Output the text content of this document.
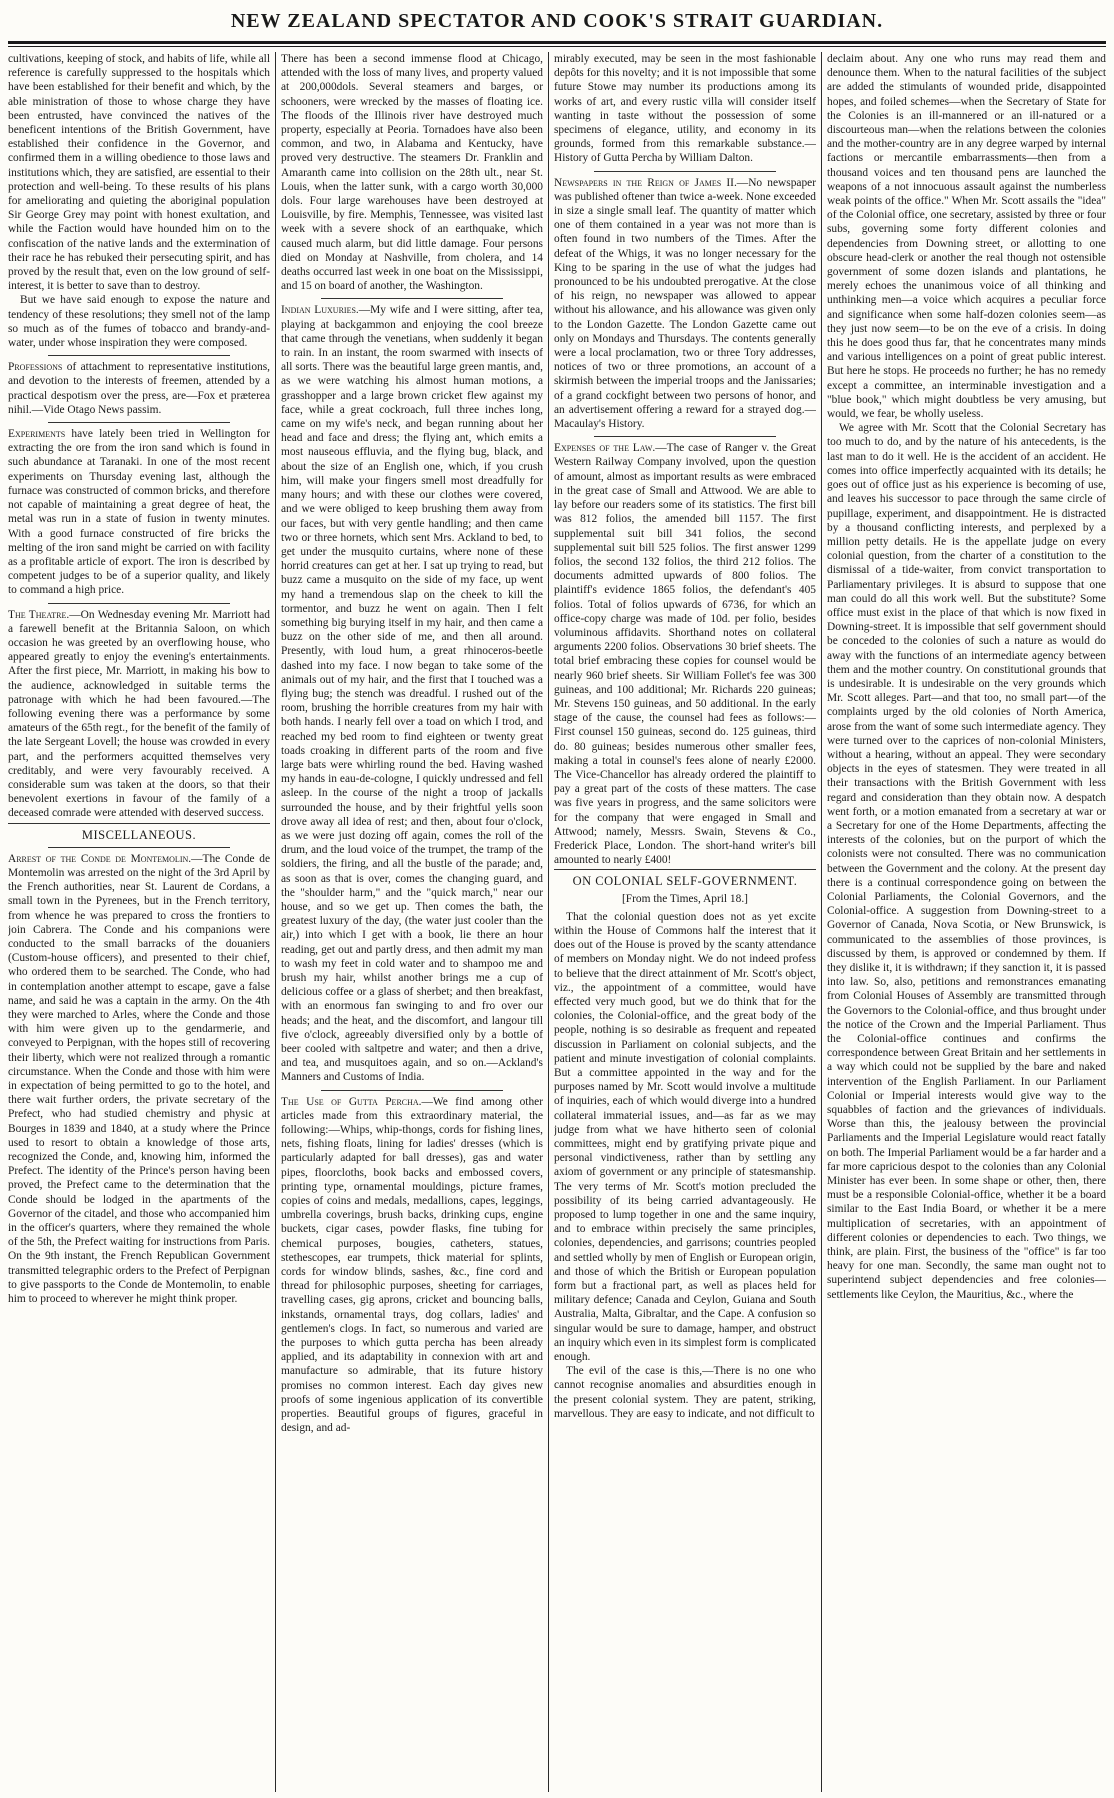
NEW ZEALAND SPECTATOR AND COOK'S STRAIT GUARDIAN.

cultivations, keeping of stock, and habits of life, while all reference is carefully suppressed to the hospitals which have been established for their benefit and which, by the able ministration of those to whose charge they have been entrusted, have convinced the natives of the beneficent intentions of the British Government, have established their confidence in the Governor, and confirmed them in a willing obedience to those laws and institutions which, they are satisfied, are essential to their protection and well-being. To these results of his plans for ameliorating and quieting the aboriginal population Sir George Grey may point with honest exultation, and while the Faction would have hounded him on to the confiscation of the native lands and the extermination of their race he has rebuked their persecuting spirit, and has proved by the result that, even on the low ground of self-interest, it is better to save than to destroy.

But we have said enough to expose the nature and tendency of these resolutions; they smell not of the lamp so much as of the fumes of tobacco and brandy-and-water, under whose inspiration they were composed.

Professions of attachment to representative institutions, and devotion to the interests of freemen, attended by a practical despotism over the press, are—Fox et præterea nihil.—Vide Otago News passim.

Experiments have lately been tried in Wellington for extracting the ore from the iron sand which is found in such abundance at Taranaki. In one of the most recent experiments on Thursday evening last, although the furnace was constructed of common bricks, and therefore not capable of maintaining a great degree of heat, the metal was run in a state of fusion in twenty minutes. With a good furnace constructed of fire bricks the melting of the iron sand might be carried on with facility as a profitable article of export. The iron is described by competent judges to be of a superior quality, and likely to command a high price.

The Theatre.—On Wednesday evening Mr. Marriott had a farewell benefit at the Britannia Saloon, on which occasion he was greeted by an overflowing house, who appeared greatly to enjoy the evening's entertainments. After the first piece, Mr. Marriott, in making his bow to the audience, acknowledged in suitable terms the patronage with which he had been favoured.—The following evening there was a performance by some amateurs of the 65th regt., for the benefit of the family of the late Sergeant Lovell; the house was crowded in every part, and the performers acquitted themselves very creditably, and were very favourably received. A considerable sum was taken at the doors, so that their benevolent exertions in favour of the family of a deceased comrade were attended with deserved success.

MISCELLANEOUS.

Arrest of the Conde de Montemolin.—The Conde de Montemolin was arrested on the night of the 3rd April by the French authorities, near St. Laurent de Cordans, a small town in the Pyrenees, but in the French territory, from whence he was prepared to cross the frontiers to join Cabrera. The Conde and his companions were conducted to the small barracks of the douaniers (Custom-house officers), and presented to their chief, who ordered them to be searched. The Conde, who had in contemplation another attempt to escape, gave a false name, and said he was a captain in the army. On the 4th they were marched to Arles, where the Conde and those with him were given up to the gendarmerie, and conveyed to Perpignan, with the hopes still of recovering their liberty, which were not realized through a romantic circumstance. When the Conde and those with him were in expectation of being permitted to go to the hotel, and there wait further orders, the private secretary of the Prefect, who had studied chemistry and physic at Bourges in 1839 and 1840, at a study where the Prince used to resort to obtain a knowledge of those arts, recognized the Conde, and, knowing him, informed the Prefect. The identity of the Prince's person having been proved, the Prefect came to the determination that the Conde should be lodged in the apartments of the Governor of the citadel, and those who accompanied him in the officer's quarters, where they remained the whole of the 5th, the Prefect waiting for instructions from Paris. On the 9th instant, the French Republican Government transmitted telegraphic orders to the Prefect of Perpignan to give passports to the Conde de Montemolin, to enable him to proceed to wherever he might think proper.

There has been a second immense flood at Chicago, attended with the loss of many lives, and property valued at 200,000dols. Several steamers and barges, or schooners, were wrecked by the masses of floating ice. The floods of the Illinois river have destroyed much property, especially at Peoria. Tornadoes have also been common, and two, in Alabama and Kentucky, have proved very destructive. The steamers Dr. Franklin and Amaranth came into collision on the 28th ult., near St. Louis, when the latter sunk, with a cargo worth 30,000 dols. Four large warehouses have been destroyed at Louisville, by fire. Memphis, Tennessee, was visited last week with a severe shock of an earthquake, which caused much alarm, but did little damage. Four persons died on Monday at Nashville, from cholera, and 14 deaths occurred last week in one boat on the Mississippi, and 15 on board of another, the Washington.

Indian Luxuries.—My wife and I were sitting, after tea, playing at backgammon and enjoying the cool breeze that came through the venetians, when suddenly it began to rain. In an instant, the room swarmed with insects of all sorts. There was the beautiful large green mantis, and, as we were watching his almost human motions, a grasshopper and a large brown cricket flew against my face, while a great cockroach, full three inches long, came on my wife's neck, and began running about her head and face and dress; the flying ant, which emits a most nauseous effluvia, and the flying bug, black, and about the size of an English one, which, if you crush him, will make your fingers smell most dreadfully for many hours; and with these our clothes were covered, and we were obliged to keep brushing them away from our faces, but with very gentle handling; and then came two or three hornets, which sent Mrs. Ackland to bed, to get under the musquito curtains, where none of these horrid creatures can get at her. I sat up trying to read, but buzz came a musquito on the side of my face, up went my hand a tremendous slap on the cheek to kill the tormentor, and buzz he went on again. Then I felt something big burying itself in my hair, and then came a buzz on the other side of me, and then all around. Presently, with loud hum, a great rhinoceros-beetle dashed into my face. I now began to take some of the animals out of my hair, and the first that I touched was a flying bug; the stench was dreadful. I rushed out of the room, brushing the horrible creatures from my hair with both hands. I nearly fell over a toad on which I trod, and reached my bed room to find eighteen or twenty great toads croaking in different parts of the room and five large bats were whirling round the bed. Having washed my hands in eau-de-cologne, I quickly undressed and fell asleep. In the course of the night a troop of jackalls surrounded the house, and by their frightful yells soon drove away all idea of rest; and then, about four o'clock, as we were just dozing off again, comes the roll of the drum, and the loud voice of the trumpet, the tramp of the soldiers, the firing, and all the bustle of the parade; and, as soon as that is over, comes the changing guard, and the "shoulder harm," and the "quick march," near our house, and so we get up. Then comes the bath, the greatest luxury of the day, (the water just cooler than the air,) into which I get with a book, lie there an hour reading, get out and partly dress, and then admit my man to wash my feet in cold water and to shampoo me and brush my hair, whilst another brings me a cup of delicious coffee or a glass of sherbet; and then breakfast, with an enormous fan swinging to and fro over our heads; and the heat, and the discomfort, and langour till five o'clock, agreeably diversified only by a bottle of beer cooled with saltpetre and water; and then a drive, and tea, and musquitoes again, and so on.—Ackland's Manners and Customs of India.

The Use of Gutta Percha.—We find among other articles made from this extraordinary material, the following:—Whips, whip-thongs, cords for fishing lines, nets, fishing floats, lining for ladies' dresses (which is particularly adapted for ball dresses), gas and water pipes, floorcloths, book backs and embossed covers, printing type, ornamental mouldings, picture frames, copies of coins and medals, medallions, capes, leggings, umbrella coverings, brush backs, drinking cups, engine buckets, cigar cases, powder flasks, fine tubing for chemical purposes, bougies, catheters, statues, stethescopes, ear trumpets, thick material for splints, cords for window blinds, sashes, &c., fine cord and thread for philosophic purposes, sheeting for carriages, travelling cases, gig aprons, cricket and bouncing balls, inkstands, ornamental trays, dog collars, ladies' and gentlemen's clogs. In fact, so numerous and varied are the purposes to which gutta percha has been already applied, and its adaptability in connexion with art and manufacture so admirable, that its future history promises no common interest. Each day gives new proofs of some ingenious application of its convertible properties. Beautiful groups of figures, graceful in design, and ad-

mirably executed, may be seen in the most fashionable depôts for this novelty; and it is not impossible that some future Stowe may number its productions among its works of art, and every rustic villa will consider itself wanting in taste without the possession of some specimens of elegance, utility, and economy in its grounds, formed from this remarkable substance.—History of Gutta Percha by William Dalton.

Newspapers in the Reign of James II.—No newspaper was published oftener than twice a-week. None exceeded in size a single small leaf. The quantity of matter which one of them contained in a year was not more than is often found in two numbers of the Times. After the defeat of the Whigs, it was no longer necessary for the King to be sparing in the use of what the judges had pronounced to be his undoubted prerogative. At the close of his reign, no newspaper was allowed to appear without his allowance, and his allowance was given only to the London Gazette. The London Gazette came out only on Mondays and Thursdays. The contents generally were a local proclamation, two or three Tory addresses, notices of two or three promotions, an account of a skirmish between the imperial troops and the Janissaries; of a grand cockfight between two persons of honor, and an advertisement offering a reward for a strayed dog.—Macaulay's History.

Expenses of the Law.—The case of Ranger v. the Great Western Railway Company involved, upon the question of amount, almost as important results as were embraced in the great case of Small and Attwood. We are able to lay before our readers some of its statistics. The first bill was 812 folios, the amended bill 1157. The first supplemental suit bill 341 folios, the second supplemental suit bill 525 folios. The first answer 1299 folios, the second 132 folios, the third 212 folios. The documents admitted upwards of 800 folios. The plaintiff's evidence 1865 folios, the defendant's 405 folios. Total of folios upwards of 6736, for which an office-copy charge was made of 10d. per folio, besides voluminous affidavits. Shorthand notes on collateral arguments 2200 folios. Observations 30 brief sheets. The total brief embracing these copies for counsel would be nearly 960 brief sheets. Sir William Follet's fee was 300 guineas, and 100 additional; Mr. Richards 220 guineas; Mr. Stevens 150 guineas, and 50 additional. In the early stage of the cause, the counsel had fees as follows:—First counsel 150 guineas, second do. 125 guineas, third do. 80 guineas; besides numerous other smaller fees, making a total in counsel's fees alone of nearly £2000. The Vice-Chancellor has already ordered the plaintiff to pay a great part of the costs of these matters. The case was five years in progress, and the same solicitors were for the company that were engaged in Small and Attwood; namely, Messrs. Swain, Stevens & Co., Frederick Place, London. The short-hand writer's bill amounted to nearly £400!

ON COLONIAL SELF-GOVERNMENT.
[From the Times, April 18.]

That the colonial question does not as yet excite within the House of Commons half the interest that it does out of the House is proved by the scanty attendance of members on Monday night. We do not indeed profess to believe that the direct attainment of Mr. Scott's object, viz., the appointment of a committee, would have effected very much good, but we do think that for the colonies, the Colonial-office, and the great body of the people, nothing is so desirable as frequent and repeated discussion in Parliament on colonial subjects, and the patient and minute investigation of colonial complaints. But a committee appointed in the way and for the purposes named by Mr. Scott would involve a multitude of inquiries, each of which would diverge into a hundred collateral immaterial issues, and—as far as we may judge from what we have hitherto seen of colonial committees, might end by gratifying private pique and personal vindictiveness, rather than by settling any axiom of government or any principle of statesmanship. The very terms of Mr. Scott's motion precluded the possibility of its being carried advantageously. He proposed to lump together in one and the same inquiry, and to embrace within precisely the same principles, colonies, dependencies, and garrisons; countries peopled and settled wholly by men of English or European origin, and those of which the British or European population form but a fractional part, as well as places held for military defence; Canada and Ceylon, Guiana and South Australia, Malta, Gibraltar, and the Cape. A confusion so singular would be sure to damage, hamper, and obstruct an inquiry which even in its simplest form is complicated enough.

The evil of the case is this,—There is no one who cannot recognise anomalies and absurdities enough in the present colonial system. They are patent, striking, marvellous. They are easy to indicate, and not difficult to

declaim about. Any one who runs may read them and denounce them. When to the natural facilities of the subject are added the stimulants of wounded pride, disappointed hopes, and foiled schemes—when the Secretary of State for the Colonies is an ill-mannered or an ill-natured or a discourteous man—when the relations between the colonies and the mother-country are in any degree warped by internal factions or mercantile embarrassments—then from a thousand voices and ten thousand pens are launched the weapons of a not innocuous assault against the numberless weak points of the office." When Mr. Scott assails the "idea" of the Colonial office, one secretary, assisted by three or four subs, governing some forty different colonies and dependencies from Downing street, or allotting to one obscure head-clerk or another the real though not ostensible government of some dozen islands and plantations, he merely echoes the unanimous voice of all thinking and unthinking men—a voice which acquires a peculiar force and significance when some half-dozen colonies seem—as they just now seem—to be on the eve of a crisis. In doing this he does good thus far, that he concentrates many minds and various intelligences on a point of great public interest. But here he stops. He proceeds no further; he has no remedy except a committee, an interminable investigation and a "blue book," which might doubtless be very amusing, but would, we fear, be wholly useless.

We agree with Mr. Scott that the Colonial Secretary has too much to do, and by the nature of his antecedents, is the last man to do it well. He is the accident of an accident. He comes into office imperfectly acquainted with its details; he goes out of office just as his experience is becoming of use, and leaves his successor to pace through the same circle of pupillage, experiment, and disappointment. He is distracted by a thousand conflicting interests, and perplexed by a million petty details. He is the appellate judge on every colonial question, from the charter of a constitution to the dismissal of a tide-waiter, from convict transportation to Parliamentary privileges. It is absurd to suppose that one man could do all this work well. But the substitute? Some office must exist in the place of that which is now fixed in Downing-street. It is impossible that self government should be conceded to the colonies of such a nature as would do away with the functions of an intermediate agency between them and the mother country. On constitutional grounds that is undesirable. It is undesirable on the very grounds which Mr. Scott alleges. Part—and that too, no small part—of the complaints urged by the old colonies of North America, arose from the want of some such intermediate agency. They were turned over to the caprices of non-colonial Ministers, without a hearing, without an appeal. They were secondary objects in the eyes of statesmen. They were treated in all their transactions with the British Government with less regard and consideration than they obtain now. A despatch went forth, or a motion emanated from a secretary at war or a Secretary for one of the Home Departments, affecting the interests of the colonies, but on the purport of which the colonists were not consulted. There was no communication between the Government and the colony. At the present day there is a continual correspondence going on between the Colonial Parliaments, the Colonial Governors, and the Colonial-office. A suggestion from Downing-street to a Governor of Canada, Nova Scotia, or New Brunswick, is communicated to the assemblies of those provinces, is discussed by them, is approved or condemned by them. If they dislike it, it is withdrawn; if they sanction it, it is passed into law. So, also, petitions and remonstrances emanating from Colonial Houses of Assembly are transmitted through the Governors to the Colonial-office, and thus brought under the notice of the Crown and the Imperial Parliament. Thus the Colonial-office continues and confirms the correspondence between Great Britain and her settlements in a way which could not be supplied by the bare and naked intervention of the English Parliament. In our Parliament Colonial or Imperial interests would give way to the squabbles of faction and the grievances of individuals. Worse than this, the jealousy between the provincial Parliaments and the Imperial Legislature would react fatally on both. The Imperial Parliament would be a far harder and a far more capricious despot to the colonies than any Colonial Minister has ever been. In some shape or other, then, there must be a responsible Colonial-office, whether it be a board similar to the East India Board, or whether it be a mere multiplication of secretaries, with an appointment of different colonies or dependencies to each. Two things, we think, are plain. First, the business of the "office" is far too heavy for one man. Secondly, the same man ought not to superintend subject dependencies and free colonies—settlements like Ceylon, the Mauritius, &c., where the
